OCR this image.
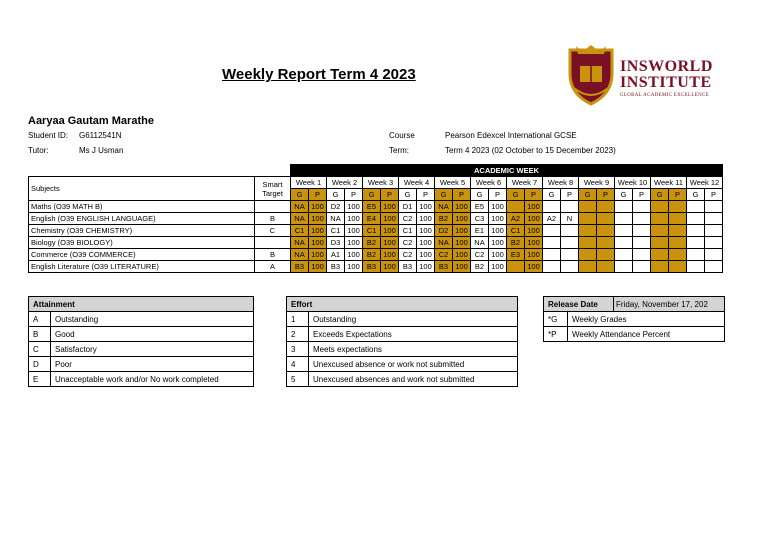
Weekly Report Term 4 2023	INSWORLD
INSTITUTE
GLOBAL ACADEMIC EXCELLENCE
Aaryaa Gautam Marathe
Student ID: G6112541N
Tutor:	Ms J Usman
Course	Pearson Edexcel International GCSE
Term:	Term 4 2023 (02 October to 15 December 2023)
		ACADEMIC WEEK																							
Subjects	Smart
Target	Week 1		Week 2		Week 3		Week 4		Week 5		Week 6		Week 7		Week 8		Week 9		Week 10		Week 11		Week 12	
		G	P	G	P	G	P	G	P	G	P	G	P	G	P	G	P	G	P	G	P	G	P	G	P
Maths (O39 MATH B)		NA	100	D2	100	E5	100	D1	100	NA	100	E5	100		100										
English (O39 ENGLISH LANGUAGE)	B	NA	100	NA	100	E4	100	C2	100	B2	100	C3	100	A2	100	A2	N								
Chemistry (O39 CHEMISTRY)	C	C1	100	C1	100	C1	100	C1	100	D2	100	E1	100	C1	100										
Biology (O39 BIOLOGY)		NA	100	D3	100	B2	100	C2	100	NA	100	NA	100	B2	100										
Commerce (O39 COMMERCE)	B	NA	100	A1	100	B2	100	C2	100	C2	100	C2	100	E3	100										
English Literature (O39 LITERATURE)	A	B3	100	B3	100	B3	100	B3	100	B3	100	B2	100		100										
Attainment	
A	Outstanding
B	Good
C	Satisfactory
D	Poor
E	Unacceptable work and/or No work completed
Effort	
1	Outstanding
2	Exceeds Expectations
3	Meets expectations
4	Unexcused absence or work not submitted
5	Unexcused absences and work not submitted
Release Date		Friday, November 17, 202
*G	Weekly Grades	
*P	Weekly Attendance Percent	
